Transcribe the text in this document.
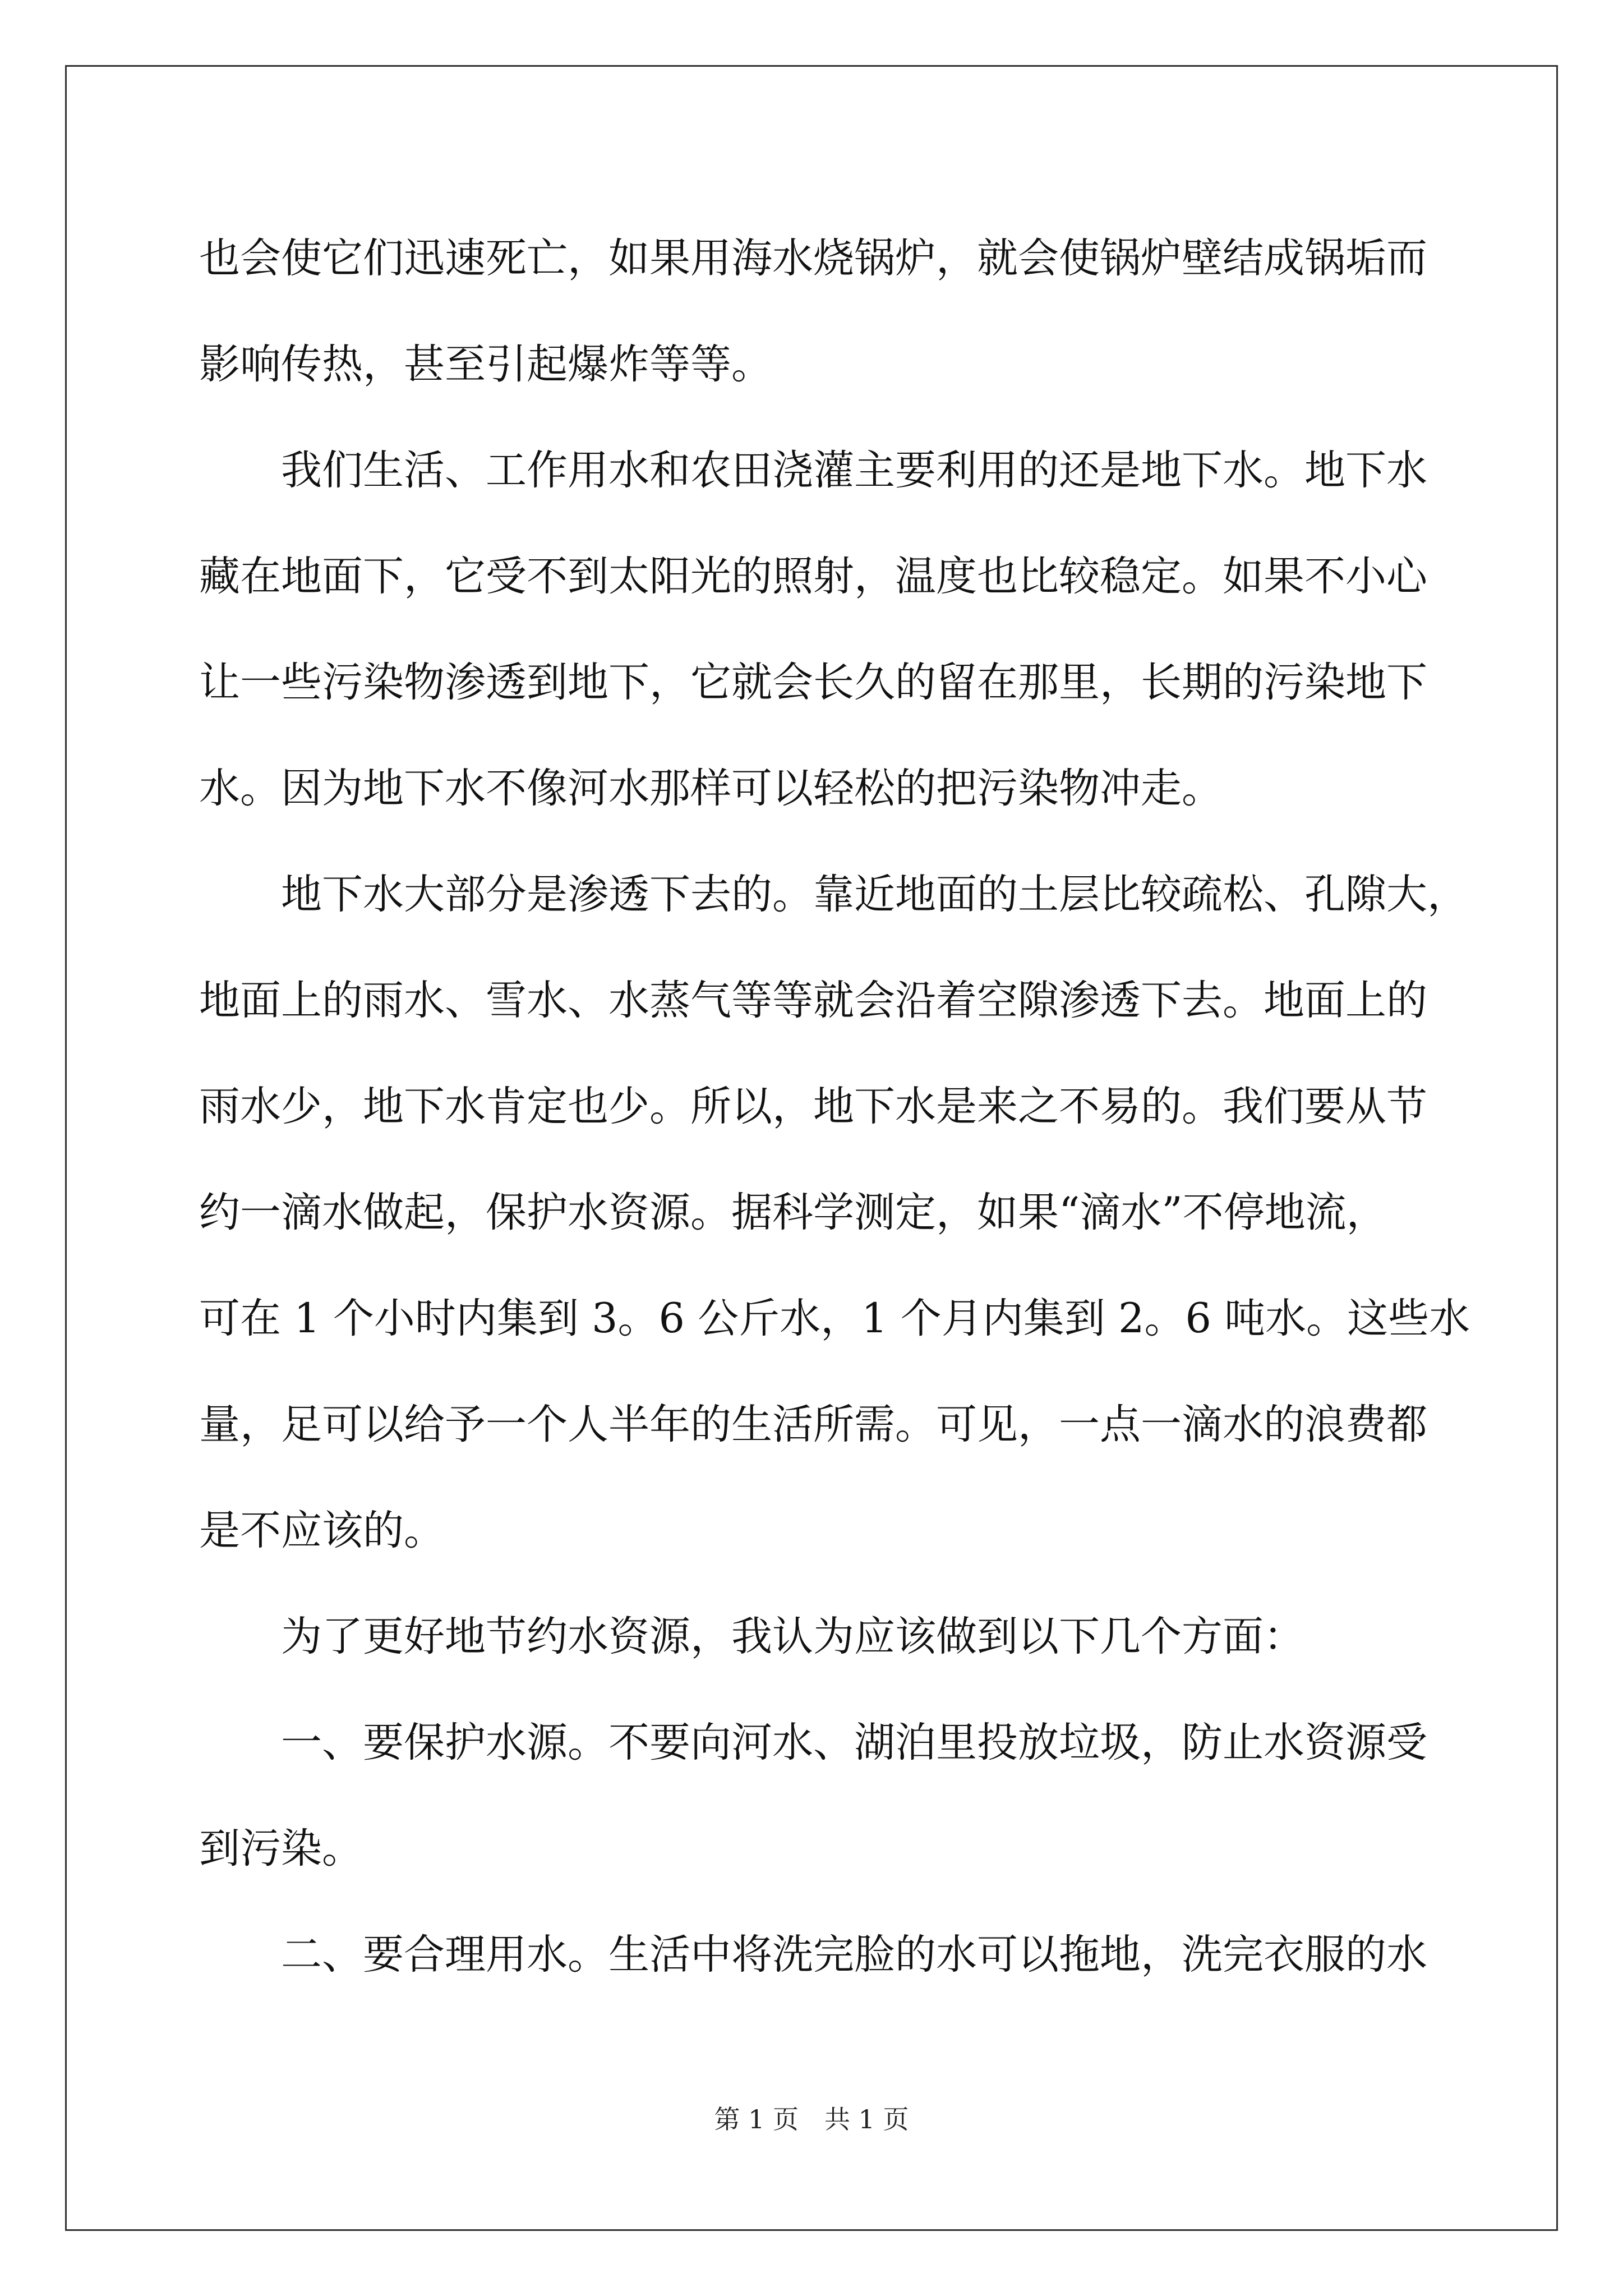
也会使它们迅速死亡，如果用海水烧锅炉，就会使锅炉壁结成锅垢而
影响传热，甚至引起爆炸等等。
我们生活、工作用水和农田浇灌主要利用的还是地下水。地下水
藏在地面下，它受不到太阳光的照射，温度也比较稳定。如果不小心
让一些污染物渗透到地下，它就会长久的留在那里，长期的污染地下
水。因为地下水不像河水那样可以轻松的把污染物冲走。
地下水大部分是渗透下去的。靠近地面的土层比较疏松、孔隙大，
地面上的雨水、雪水、水蒸气等等就会沿着空隙渗透下去。地面上的
雨水少，地下水肯定也少。所以，地下水是来之不易的。我们要从节
约一滴水做起，保护水资源。据科学测定，如果“滴水”不停地流，
可在 1 个小时内集到 3。6 公斤水，1 个月内集到 2。6 吨水。这些水
量，足可以给予一个人半年的生活所需。可见，一点一滴水的浪费都
是不应该的。
为了更好地节约水资源，我认为应该做到以下几个方面：
一、要保护水源。不要向河水、湖泊里投放垃圾，防止水资源受
到污染。
二、要合理用水。生活中将洗完脸的水可以拖地，洗完衣服的水
第 1 页 共 1 页
